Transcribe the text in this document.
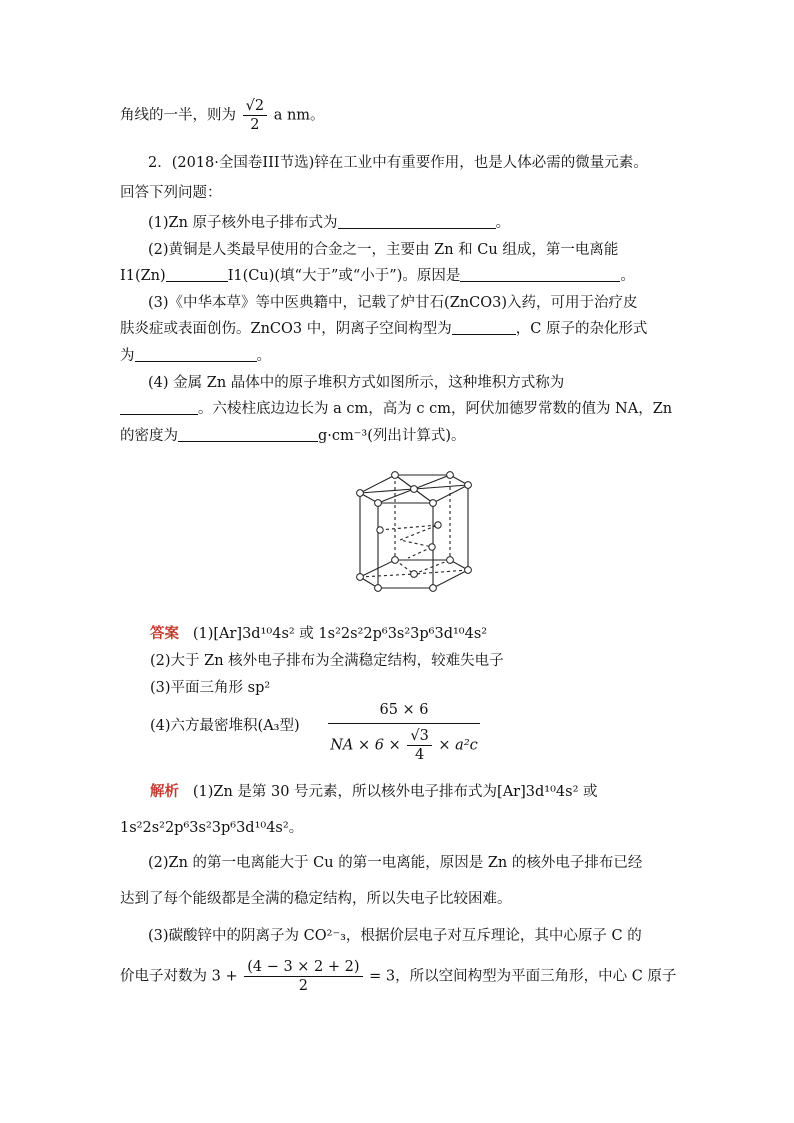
角线的一半，则为 $\frac{√2}{2}$ a nm。
2．(2018·全国卷III节选)锌在工业中有重要作用，也是人体必需的微量元素。
回答下列问题：
(1)Zn 原子核外电子排布式为	。
(2)黄铜是人类最早使用的合金之一，主要由 Zn 和 Cu 组成，第一电离能
I1(Zn)	I1(Cu)(填“大于”或“小于”)。原因是	。
(3)《中华本草》等中医典籍中，记载了炉甘石(ZnCO3)入药，可用于治疗皮
肤炎症或表面创伤。ZnCO3 中，阴离子空间构型为	，C 原子的杂化形式
为	。
(4) 金属 Zn 晶体中的原子堆积方式如图所示，这种堆积方式称为
。六棱柱底边边长为 a cm，高为 c cm，阿伏加德罗常数的值为 NA，Zn
的密度为	g·cm⁻³(列出计算式)。
答案 (1)[Ar]3d¹⁰4s² 或 1s²2s²2p⁶3s²3p⁶3d¹⁰4s²
(2)大于 Zn 核外电子排布为全满稳定结构，较难失电子
(3)平面三角形 sp²
(4)六方最密堆积(A₃型) $\frac{65 \times 6}{NA \times 6 \times \frac{√3}{4} \times a^2c}$
解析 (1)Zn 是第 30 号元素，所以核外电子排布式为[Ar]3d¹⁰4s² 或
1s²2s²2p⁶3s²3p⁶3d¹⁰4s²。
(2)Zn 的第一电离能大于 Cu 的第一电离能，原因是 Zn 的核外电子排布已经
达到了每个能级都是全满的稳定结构，所以失电子比较困难。
(3)碳酸锌中的阴离子为 CO²⁻₃，根据价层电子对互斥理论，其中心原子 C 的
价电子对数为 $3 + \frac{(4 - 3 \times 2 + 2)}{2} = 3$，所以空间构型为平面三角形，中心 C 原子
